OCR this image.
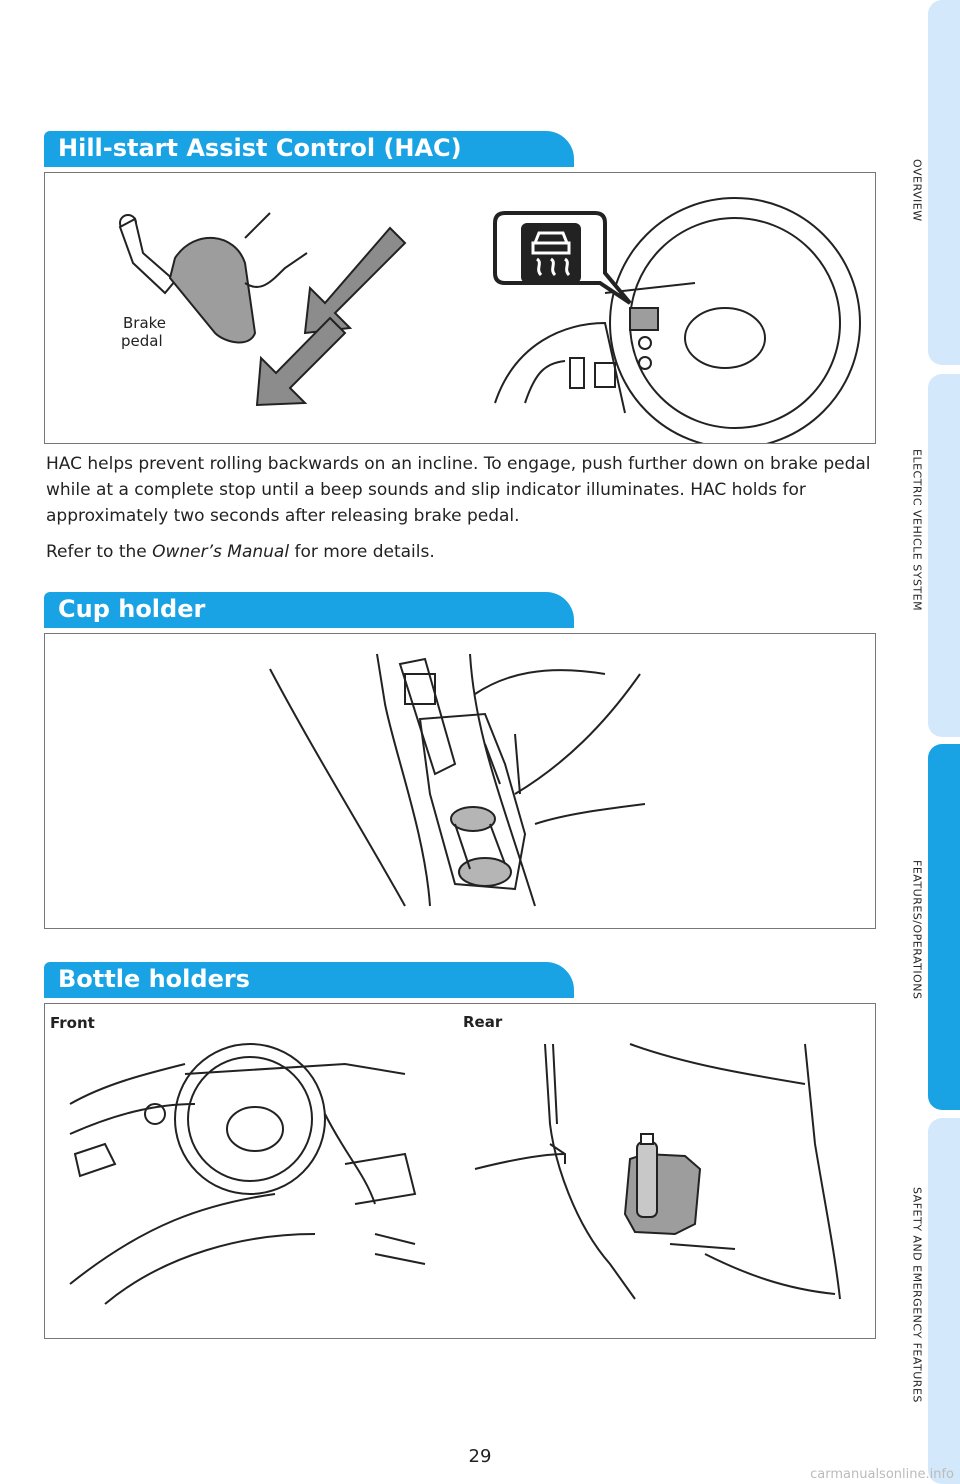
OVERVIEW
ELECTRIC VEHICLE SYSTEM
FEATURES/OPERATIONS
SAFETY AND EMERGENCY FEATURES
Hill-start Assist Control (HAC)
Brake
pedal

HAC helps prevent rolling backwards on an incline. To engage, push further down on brake pedal while at a complete stop until a beep sounds and slip indicator illuminates. HAC holds for approximately two seconds after releasing brake pedal.

Refer to the Owner’s Manual for more details.

Cup holder
Bottle holders
Front	Rear
29
carmanualsonline.info
